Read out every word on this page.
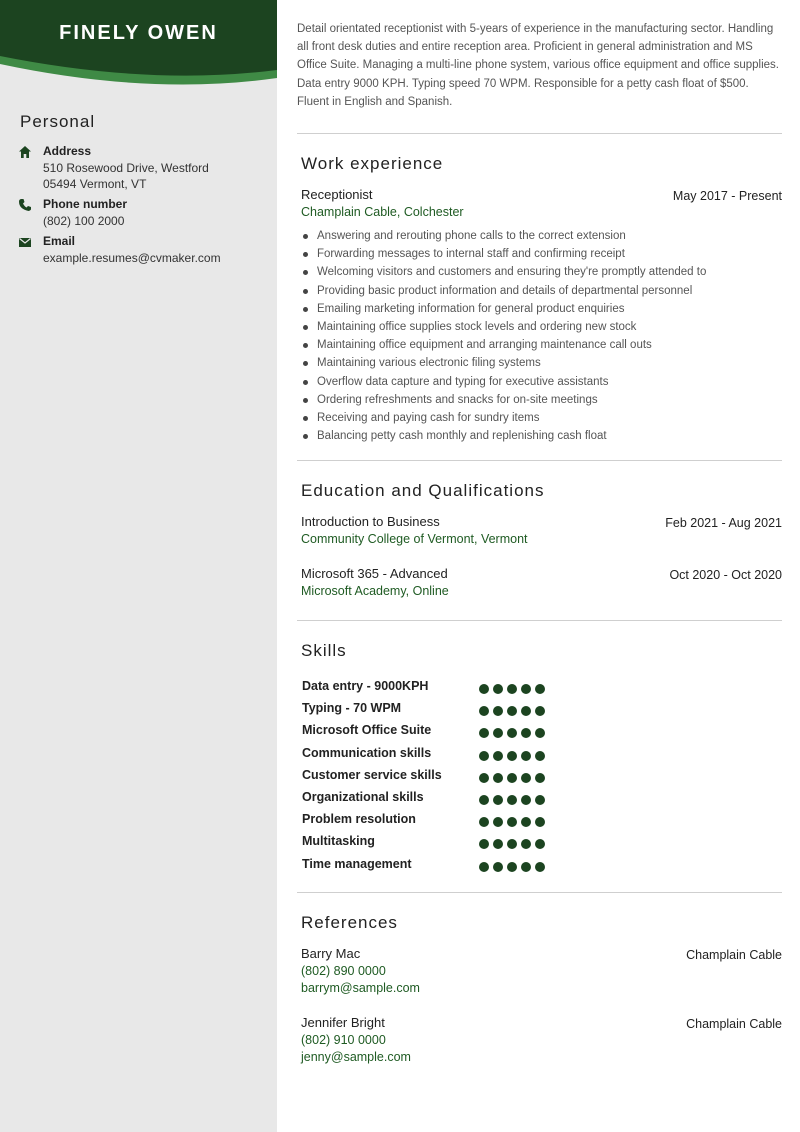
FINELY OWEN
Personal
Address
510 Rosewood Drive, Westford
05494 Vermont, VT
Phone number
(802) 100 2000
Email
example.resumes@cvmaker.com
Detail orientated receptionist with 5-years of experience in the manufacturing sector. Handling all front desk duties and entire reception area. Proficient in general administration and MS Office Suite. Managing a multi-line phone system, various office equipment and office supplies. Data entry 9000 KPH. Typing speed 70 WPM. Responsible for a petty cash float of $500. Fluent in English and Spanish.
Work experience
Receptionist	May 2017 - Present
Champlain Cable, Colchester
Answering and rerouting phone calls to the correct extension
Forwarding messages to internal staff and confirming receipt
Welcoming visitors and customers and ensuring they're promptly attended to
Providing basic product information and details of departmental personnel
Emailing marketing information for general product enquiries
Maintaining office supplies stock levels and ordering new stock
Maintaining office equipment and arranging maintenance call outs
Maintaining various electronic filing systems
Overflow data capture and typing for executive assistants
Ordering refreshments and snacks for on-site meetings
Receiving and paying cash for sundry items
Balancing petty cash monthly and replenishing cash float
Education and Qualifications
Introduction to Business	Feb 2021 - Aug 2021
Community College of Vermont, Vermont
Microsoft 365 - Advanced	Oct 2020 - Oct 2020
Microsoft Academy, Online
Skills
Data entry - 9000KPH
Typing - 70 WPM
Microsoft Office Suite
Communication skills
Customer service skills
Organizational skills
Problem resolution
Multitasking
Time management
References
Barry Mac	Champlain Cable
(802) 890 0000
barrym@sample.com
Jennifer Bright	Champlain Cable
(802) 910 0000
jenny@sample.com
